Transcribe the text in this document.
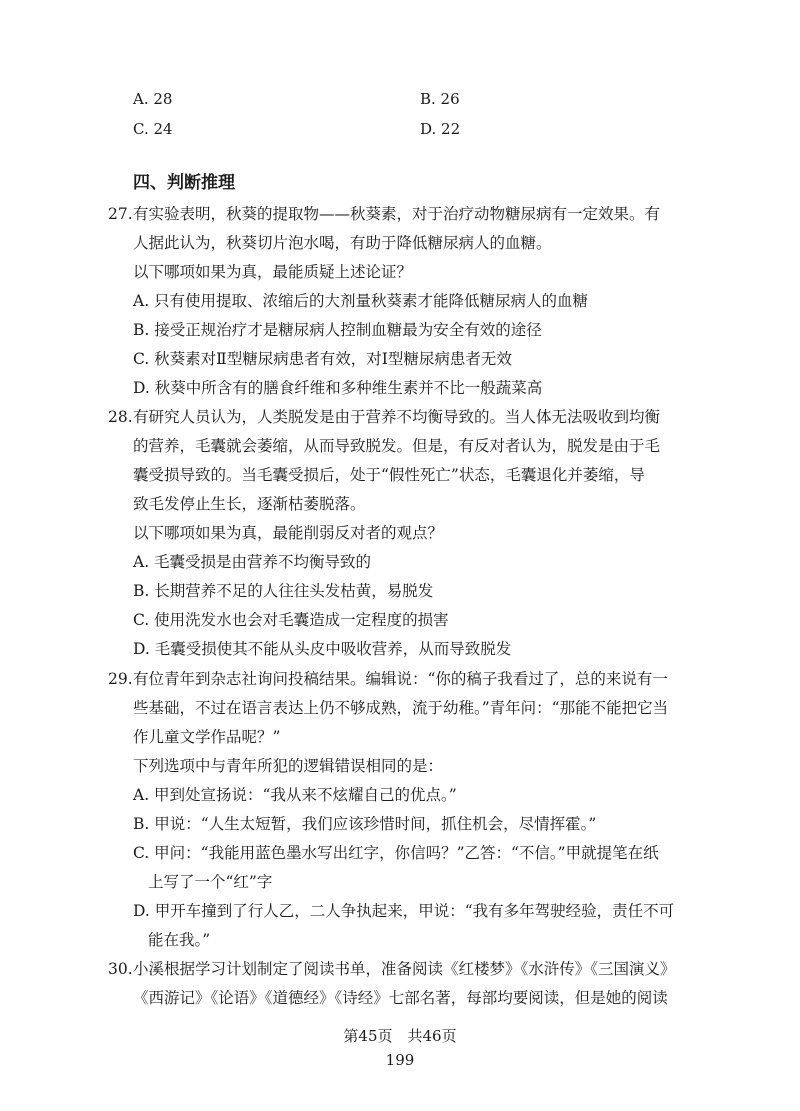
A. 28	B. 26
C. 24	D. 22
四、判断推理
27.有实验表明，秋葵的提取物——秋葵素，对于治疗动物糖尿病有一定效果。有
人据此认为，秋葵切片泡水喝，有助于降低糖尿病人的血糖。
以下哪项如果为真，最能质疑上述论证？
A. 只有使用提取、浓缩后的大剂量秋葵素才能降低糖尿病人的血糖
B. 接受正规治疗才是糖尿病人控制血糖最为安全有效的途径
C. 秋葵素对Ⅱ型糖尿病患者有效，对Ⅰ型糖尿病患者无效
D. 秋葵中所含有的膳食纤维和多种维生素并不比一般蔬菜高
28.有研究人员认为，人类脱发是由于营养不均衡导致的。当人体无法吸收到均衡
的营养，毛囊就会萎缩，从而导致脱发。但是，有反对者认为，脱发是由于毛
囊受损导致的。当毛囊受损后，处于“假性死亡”状态，毛囊退化并萎缩，导
致毛发停止生长，逐渐枯萎脱落。
以下哪项如果为真，最能削弱反对者的观点？
A. 毛囊受损是由营养不均衡导致的
B. 长期营养不足的人往往头发枯黄，易脱发
C. 使用洗发水也会对毛囊造成一定程度的损害
D. 毛囊受损使其不能从头皮中吸收营养，从而导致脱发
29.有位青年到杂志社询问投稿结果。编辑说：“你的稿子我看过了，总的来说有一
些基础，不过在语言表达上仍不够成熟，流于幼稚。”青年问：“那能不能把它当
作儿童文学作品呢？”
下列选项中与青年所犯的逻辑错误相同的是：
A. 甲到处宣扬说：“我从来不炫耀自己的优点。”
B. 甲说：“人生太短暂，我们应该珍惜时间，抓住机会，尽情挥霍。”
C. 甲问：“我能用蓝色墨水写出红字，你信吗？”乙答：“不信。”甲就提笔在纸
上写了一个“红”字
D. 甲开车撞到了行人乙，二人争执起来，甲说：“我有多年驾驶经验，责任不可
能在我。”
30.小溪根据学习计划制定了阅读书单，准备阅读《红楼梦》《水浒传》《三国演义》
《西游记》《论语》《道德经》《诗经》七部名著，每部均要阅读，但是她的阅读
第45页　共46页
199
